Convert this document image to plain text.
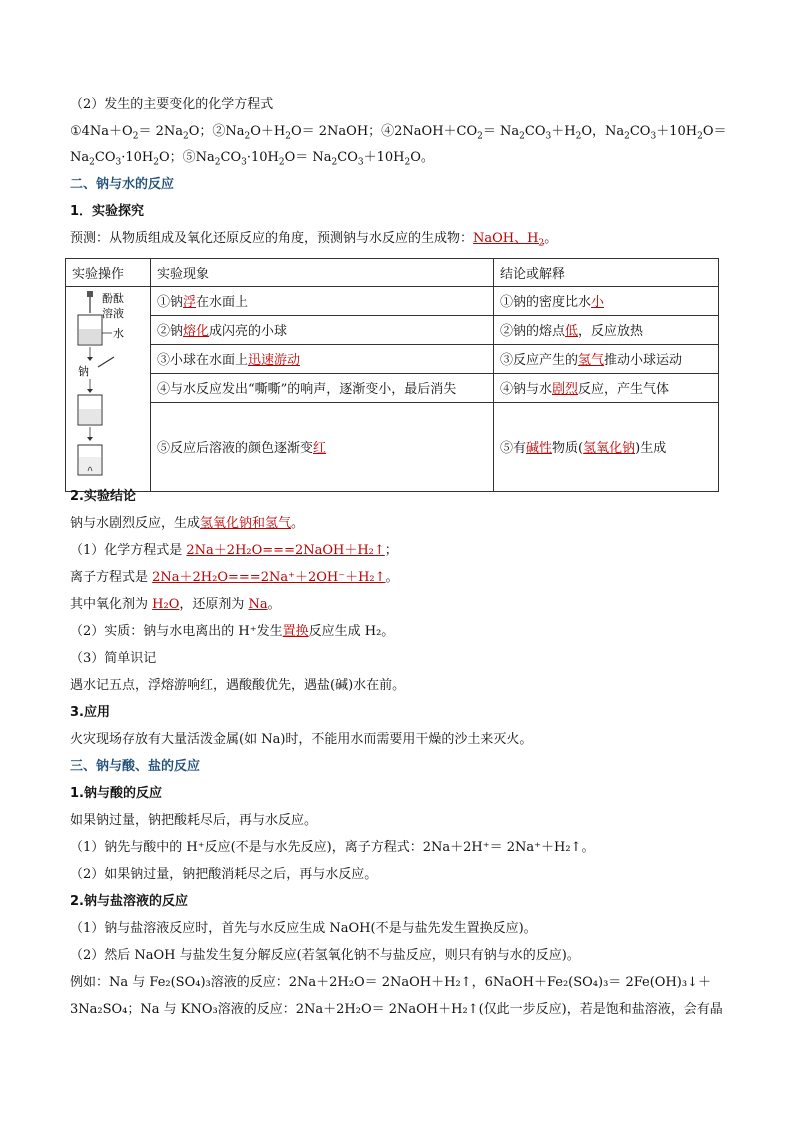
（2）发生的主要变化的化学方程式
$①4Na+O_2= 2Na_2O$；$②Na_2O+H_2O=$ 2NaOH；$④2NaOH+CO_2= Na_2CO_3+H_2O$，$Na_2CO_3+10H_2O=$
$Na_2CO_3\cdot 10H_2O$；$⑤Na_2CO_3\cdot 10H_2O= Na_2CO_3+10H_2O$。
二、钠与水的反应
1．实验探究
预测：从物质组成及氧化还原反应的角度，预测钠与水反应的生成物：NaOH、$H_2$。
实验操作	实验现象	结论或解释

酚酞
溶液
水
钠	①钠浮在水面上	①钠的密度比水小
	②钠熔化成闪亮的小球	②钠的熔点低，反应放热
	③小球在水面上迅速游动	③反应产生的氢气推动小球运动
	④与水反应发出“嘶嘶”的响声，逐渐变小，最后消失	④钠与水剧烈反应，产生气体
	⑤反应后溶液的颜色逐渐变红	⑤有碱性物质(氢氧化钠)生成
2.实验结论
钠与水剧烈反应，生成氢氧化钠和氢气。
（1）化学方程式是 2Na＋2H₂O===2NaOH＋H₂↑；
离子方程式是 2Na＋2H₂O===2Na⁺＋2OH⁻＋H₂↑。
其中氧化剂为 H₂O，还原剂为 Na。
（2）实质：钠与水电离出的 H⁺发生置换反应生成 H₂。
（3）简单识记
遇水记五点，浮熔游响红，遇酸酸优先，遇盐(碱)水在前。
3.应用
火灾现场存放有大量活泼金属(如 Na)时，不能用水而需要用干燥的沙土来灭火。
三、钠与酸、盐的反应
1.钠与酸的反应
如果钠过量，钠把酸耗尽后，再与水反应。
（1）钠先与酸中的 H⁺反应(不是与水先反应)，离子方程式：2Na＋2H⁺＝ 2Na⁺＋H₂↑。
（2）如果钠过量，钠把酸消耗尽之后，再与水反应。
2.钠与盐溶液的反应
（1）钠与盐溶液反应时，首先与水反应生成 NaOH(不是与盐先发生置换反应)。
（2）然后 NaOH 与盐发生复分解反应(若氢氧化钠不与盐反应，则只有钠与水的反应)。
例如：Na 与 Fe₂(SO₄)₃溶液的反应：2Na＋2H₂O＝ 2NaOH＋H₂↑，6NaOH＋Fe₂(SO₄)₃＝ 2Fe(OH)₃↓＋
3Na₂SO₄；Na 与 KNO₃溶液的反应：2Na＋2H₂O＝ 2NaOH＋H₂↑(仅此一步反应)，若是饱和盐溶液，会有晶
